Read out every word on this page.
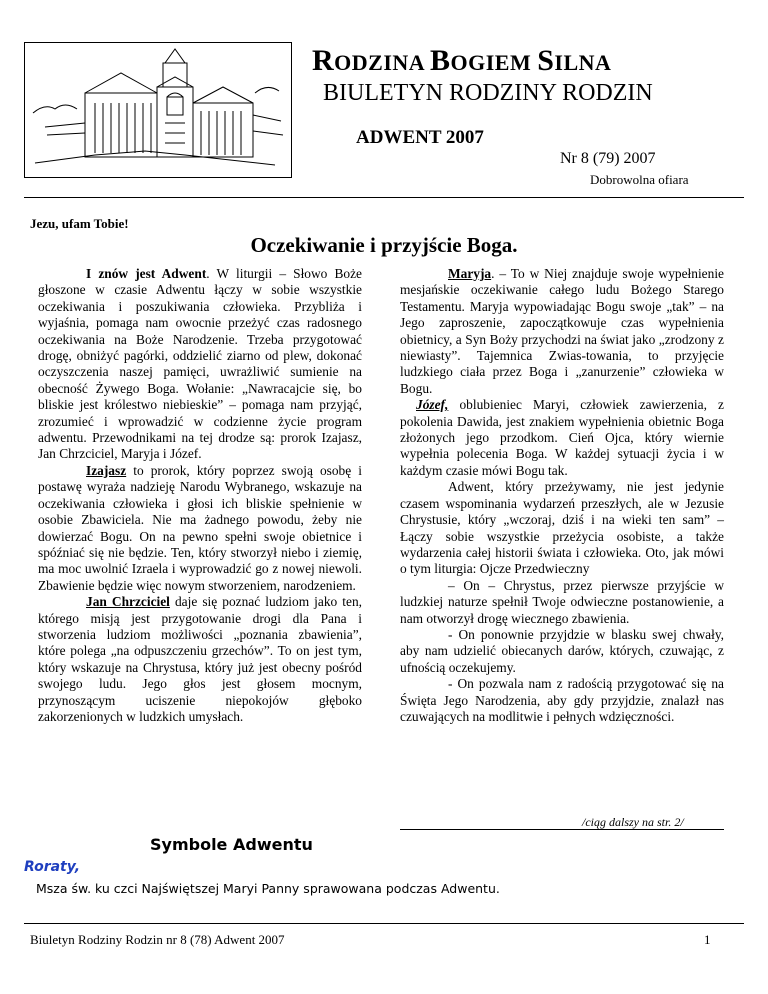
RODZINA BOGIEM SILNA
BIULETYN RODZINY RODZIN
ADWENT 2007
Nr 8 (79) 2007
Dobrowolna ofiara
Jezu, ufam Tobie!
Oczekiwanie i przyjście Boga.

I znów jest Adwent. W liturgii – Słowo Boże głoszone w czasie Adwentu łączy w sobie wszystkie oczekiwania i poszukiwania człowieka. Przybliża i wyjaśnia, pomaga nam owocnie przeżyć czas radosnego oczekiwania na Boże Narodzenie. Trzeba przygotować drogę, obniżyć pagórki, oddzielić ziarno od plew, dokonać oczyszczenia naszej pamięci, uwrażliwić sumienie na obecność Żywego Boga. Wołanie: „Nawracajcie się, bo bliskie jest królestwo niebieskie” – pomaga nam przyjąć, zrozumieć i wprowadzić w codzienne życie program adwentu. Przewodnikami na tej drodze są: prorok Izajasz, Jan Chrzciciel, Maryja i Józef.

Izajasz to prorok, który poprzez swoją osobę i postawę wyraża nadzieję Narodu Wybranego, wskazuje na oczekiwania człowieka i głosi ich bliskie spełnienie w osobie Zbawiciela. Nie ma żadnego powodu, żeby nie dowierzać Bogu. On na pewno spełni swoje obietnice i spóźniać się nie będzie. Ten, który stworzył niebo i ziemię, ma moc uwolnić Izraela i wyprowadzić go z nowej niewoli. Zbawienie będzie więc nowym stworzeniem, narodzeniem.

Jan Chrzciciel daje się poznać ludziom jako ten, którego misją jest przygotowanie drogi dla Pana i stworzenia ludziom możliwości „poznania zbawienia”, które polega „na odpuszczeniu grzechów”. To on jest tym, który wskazuje na Chrystusa, który już jest obecny pośród swojego ludu. Jego głos jest głosem mocnym, przynoszącym uciszenie niepokojów głęboko zakorzenionych w ludzkich umysłach.

Maryja. – To w Niej znajduje swoje wypełnienie mesjańskie oczekiwanie całego ludu Bożego Starego Testamentu. Maryja wypowiadając Bogu swoje „tak” – na Jego zaproszenie, zapoczątkowuje czas wypełnienia obietnicy, a Syn Boży przychodzi na świat jako „zrodzony z niewiasty”. Tajemnica Zwias-towania, to przyjęcie ludzkiego ciała przez Boga i „zanurzenie” człowieka w Bogu.

Józef, oblubieniec Maryi, człowiek zawierzenia, z pokolenia Dawida, jest znakiem wypełnienia obietnic Boga złożonych jego przodkom. Cień Ojca, który wiernie wypełnia polecenia Boga. W każdej sytuacji życia i w każdym czasie mówi Bogu tak.

Adwent, który przeżywamy, nie jest jedynie czasem wspominania wydarzeń przeszłych, ale w Jezusie Chrystusie, który „wczoraj, dziś i na wieki ten sam” – Łączy sobie wszystkie przeżycia osobiste, a także wydarzenia całej historii świata i człowieka. Oto, jak mówi o tym liturgia: Ojcze Przedwieczny

– On – Chrystus, przez pierwsze przyjście w ludzkiej naturze spełnił Twoje odwieczne postanowienie, a nam otworzył drogę wiecznego zbawienia.

- On ponownie przyjdzie w blasku swej chwały, aby nam udzielić obiecanych darów, których, czuwając, z ufnością oczekujemy.

- On pozwala nam z radością przygotować się na Święta Jego Narodzenia, aby gdy przyjdzie, znalazł nas czuwających na modlitwie i pełnych wdzięczności.

/ciąg dalszy na str. 2/
Symbole Adwentu
Roraty,
Msza św. ku czci Najświętszej Maryi Panny sprawowana podczas Adwentu.
Biuletyn Rodziny Rodzin nr 8 (78) Adwent 2007	1
